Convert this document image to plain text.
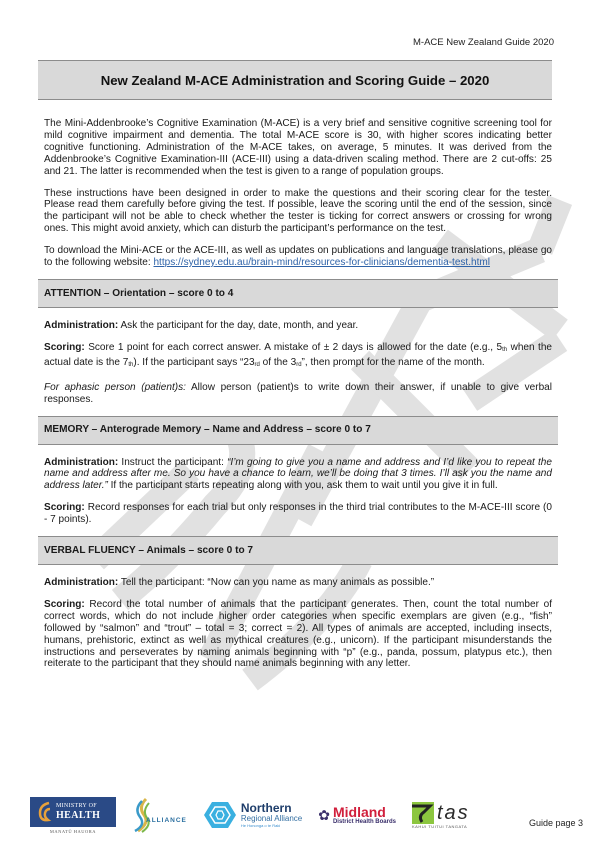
M-ACE New Zealand Guide 2020
New Zealand M-ACE Administration and Scoring Guide – 2020

The Mini-Addenbrooke’s Cognitive Examination (M-ACE) is a very brief and sensitive cognitive screening tool for mild cognitive impairment and dementia. The total M-ACE score is 30, with higher scores indicating better cognitive functioning. Administration of the M-ACE takes, on average, 5 minutes. It was derived from the Addenbrooke’s Cognitive Examination-III (ACE-III) using a data-driven scaling method. There are 2 cut-offs: 25 and 21. The latter is recommended when the test is given to a range of population groups.

These instructions have been designed in order to make the questions and their scoring clear for the tester. Please read them carefully before giving the test. If possible, leave the scoring until the end of the session, since the participant will not be able to check whether the tester is ticking for correct answers or crossing for wrong ones. This might avoid anxiety, which can disturb the participant’s performance on the test.

To download the Mini-ACE or the ACE-III, as well as updates on publications and language translations, please go to the following website: https://sydney.edu.au/brain-mind/resources-for-clinicians/dementia-test.html

ATTENTION – Orientation – score 0 to 4

Administration: Ask the participant for the day, date, month, and year.

Scoring: Score 1 point for each correct answer. A mistake of ± 2 days is allowed for the date (e.g., $5_{th}$ when the actual date is the $7_{th}$). If the participant says “$23_{rd}$ of the $3_{rd}$”, then prompt for the name of the month.

For aphasic person (patient)s: Allow person (patient)s to write down their answer, if unable to give verbal responses.

MEMORY – Anterograde Memory – Name and Address – score 0 to 7

Administration: Instruct the participant: “I’m going to give you a name and address and I’d like you to repeat the name and address after me. So you have a chance to learn, we’ll be doing that 3 times. I’ll ask you the name and address later.” If the participant starts repeating along with you, ask them to wait until you give it in full.

Scoring: Record responses for each trial but only responses in the third trial contributes to the M-ACE-III score (0 - 7 points).

VERBAL FLUENCY – Animals – score 0 to 7

Administration: Tell the participant: “Now can you name as many animals as possible.”

Scoring: Record the total number of animals that the participant generates. Then, count the total number of correct words, which do not include higher order categories when specific exemplars are given (e.g., “fish” followed by “salmon” and “trout” – total = 3; correct = 2). All types of animals are accepted, including insects, humans, prehistoric, extinct as well as mythical creatures (e.g., unicorn). If the participant misunderstands the instructions and perseverates by naming animals beginning with “p” (e.g., panda, possum, platypus etc.), then reiterate to the participant that they should name animals beginning with any letter.

MINISTRY OF
HEALTH
MANATŪ HAUORA
ALLIANCE
Northern
Regional Alliance
He Hononga o te Raki
✿ Midland
District Health Boards tas
KAHUI TUITUI TANGATA	Guide page 3
